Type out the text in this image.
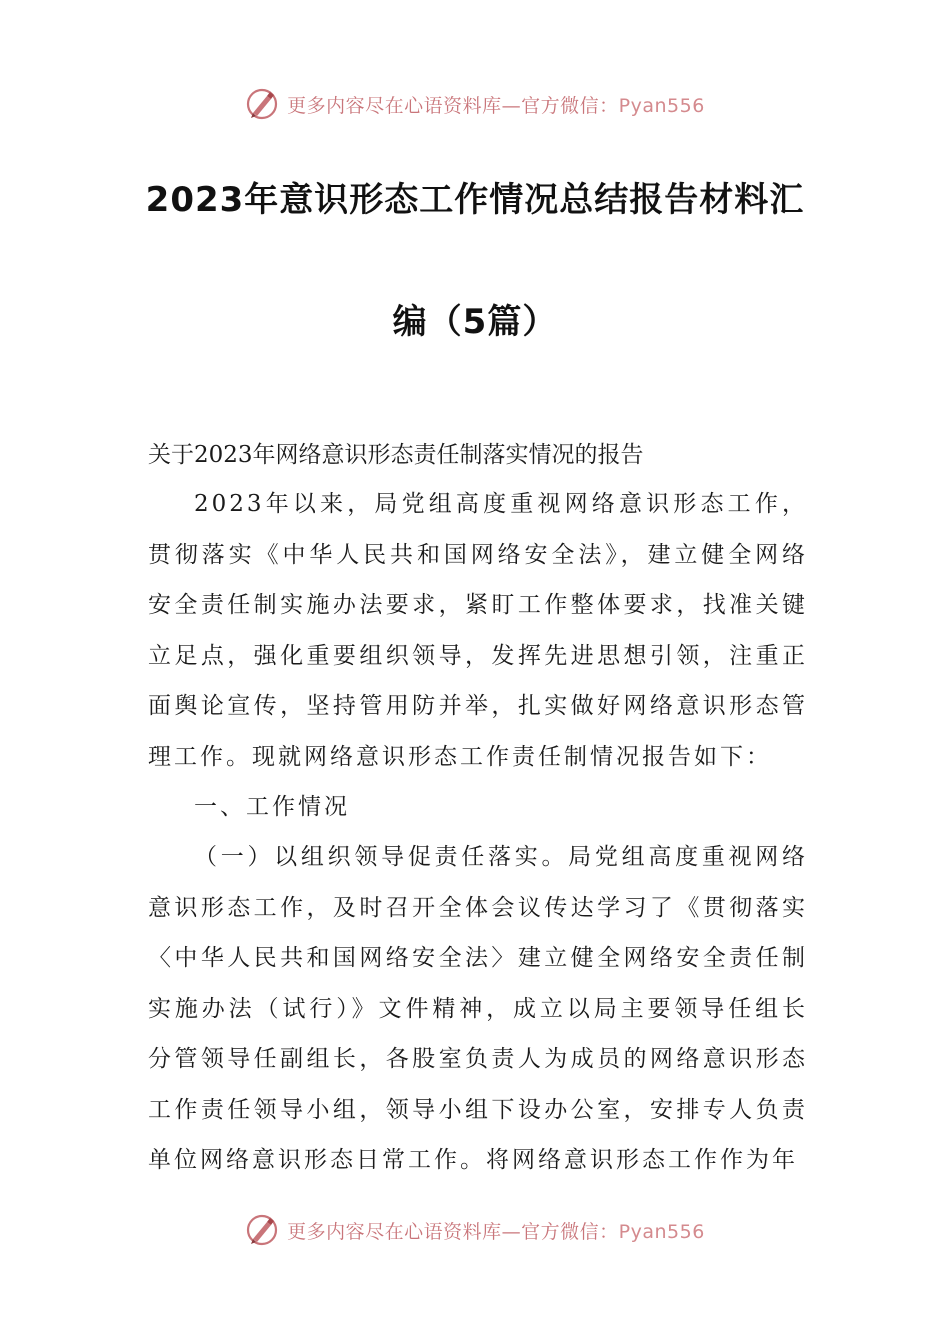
更多内容尽在心语资料库—官方微信：Pyan556
2023年意识形态工作情况总结报告材料汇
编（5篇）
关于2023年网络意识形态责任制落实情况的报告

2023年以来，局党组高度重视网络意识形态工作，贯彻落实《中华人民共和国网络安全法》，建立健全网络安全责任制实施办法要求，紧盯工作整体要求，找准关键立足点，强化重要组织领导，发挥先进思想引领，注重正面舆论宣传，坚持管用防并举，扎实做好网络意识形态管理工作。现就网络意识形态工作责任制情况报告如下：

一、工作情况

（一）以组织领导促责任落实。局党组高度重视网络意识形态工作，及时召开全体会议传达学习了《贯彻落实〈中华人民共和国网络安全法〉建立健全网络安全责任制实施办法（试行）》文件精神，成立以局主要领导任组长分管领导任副组长，各股室负责人为成员的网络意识形态工作责任领导小组，领导小组下设办公室，安排专人负责单位网络意识形态日常工作。将网络意识形态工作作为年

更多内容尽在心语资料库—官方微信：Pyan556
